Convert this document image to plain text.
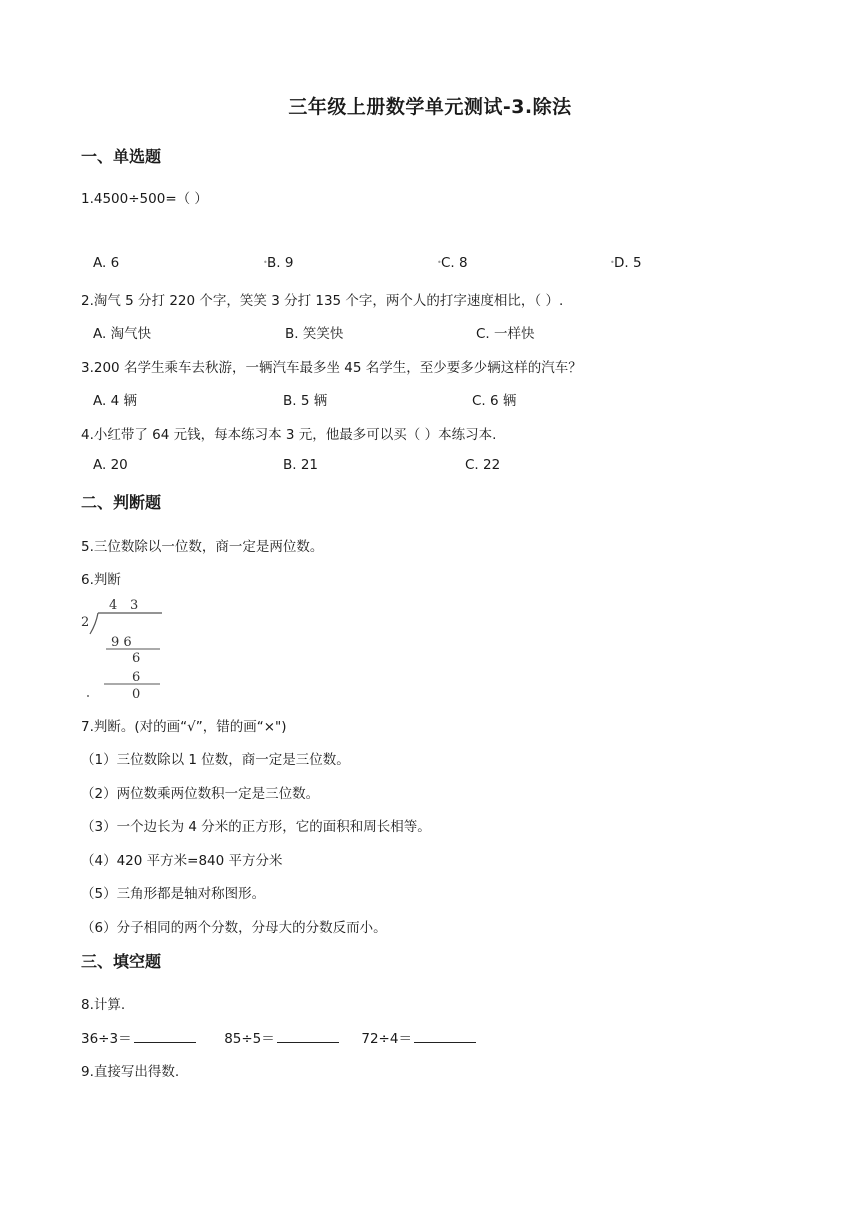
三年级上册数学单元测试-3.除法
一、单选题
1.4500÷500=（ ）
A. 6	• B. 9	• C. 8	• D. 5
2.淘气 5 分打 220 个字，笑笑 3 分打 135 个字，两个人的打字速度相比，（ ）.
A. 淘气快	B. 笑笑快	C. 一样快
3.200 名学生乘车去秋游，一辆汽车最多坐 45 名学生，至少要多少辆这样的汽车？
A. 4 辆	B. 5 辆	C. 6 辆
4.小红带了 64 元钱，每本练习本 3 元，他最多可以买（ ）本练习本.
A. 20	B. 21	C. 22
二、判断题
5.三位数除以一位数，商一定是两位数。
6.判断
4 3
2
9 6
6
6
0
7.判断。(对的画“√”，错的画“×")
（1）三位数除以 1 位数，商一定是三位数。
（2）两位数乘两位数积一定是三位数。
（3）一个边长为 4 分米的正方形，它的面积和周长相等。
（4）420 平方米=840 平方分米
（5）三角形都是轴对称图形。
（6）分子相同的两个分数，分母大的分数反而小。
三、填空题
8.计算.
36÷3＝	85÷5＝	72÷4＝
9.直接写出得数.
